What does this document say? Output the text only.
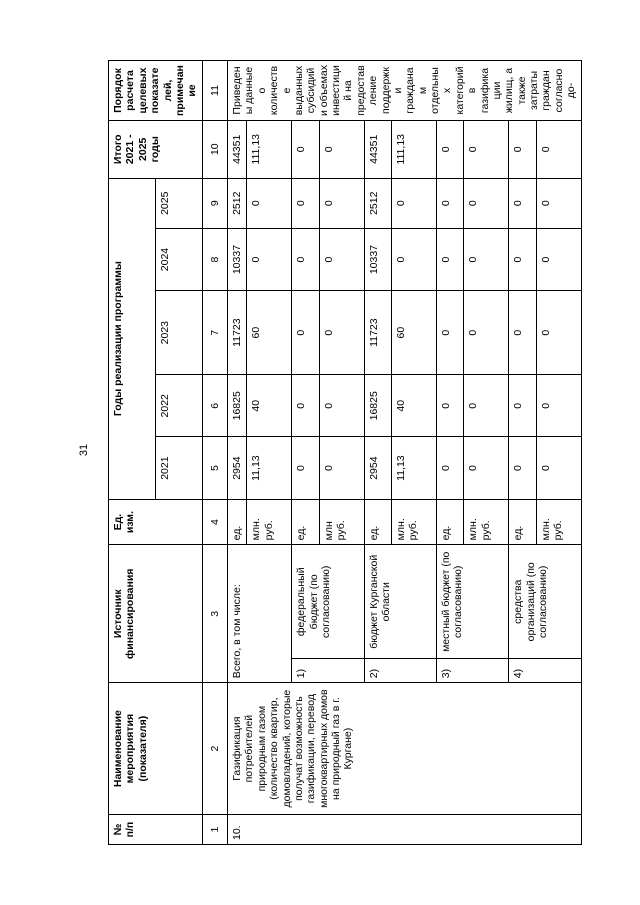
31
№ п/п	Наименование мероприятия (показателя)	Источник финансирования		Ед. изм.	Годы реализации программы					Итого 2021 - 2025 годы	Порядок расчета целевых показателей, примечание
					2021	2022	2023	2024	2025		
1	2	3		4	5	6	7	8	9	10	11
10.	Газификация потребителей природным газом (количество квартир, домовладений, которые получат возможность газификации, перевод многоквартирных домов на природный газ в г. Кургане)	Всего, в том числе:		ед.	2954	16825	11723	10337	2512	44351	Приведены данные о количестве выданных субсидий и объемах инвестиций на предоставление поддержки гражданам отдельных категорий в газификации жилищ, а также затраты граждан согласно до-
				млн. руб.	11,13	40	60	0	0	111,13	
		1)	федеральный бюджет (по согласованию)	ед.	0	0	0	0	0	0	
				млн руб.	0	0	0	0	0	0	
		2)	бюджет Курганской области	ед.	2954	16825	11723	10337	2512	44351	
				млн. руб.	11,13	40	60	0	0	111,13	
		3)	местный бюджет (по согласованию)	ед.	0	0	0	0	0	0	
				млн. руб.	0	0	0	0	0	0	
		4)	средства организаций (по согласованию)	ед.	0	0	0	0	0	0	
				млн. руб.	0	0	0	0	0	0	
